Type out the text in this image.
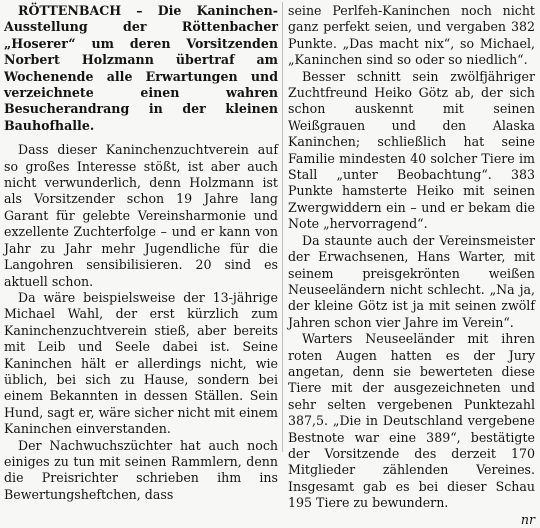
RÖTTENBACH – Die Kaninchen-Ausstellung der Röttenbacher „Hoserer“ um deren Vorsitzenden Norbert Holzmann übertraf am Wochenende alle Erwartungen und verzeichnete einen wahren Besucherandrang in der kleinen Bauhofhalle.

Dass dieser Kaninchenzuchtverein auf so großes Interesse stößt, ist aber auch nicht verwunderlich, denn Holzmann ist als Vorsitzender schon 19 Jahre lang Garant für gelebte Vereinsharmonie und exzellente Zuchterfolge – und er kann von Jahr zu Jahr mehr Jugendliche für die Langohren sensibilisieren. 20 sind es aktuell schon.

Da wäre beispielsweise der 13-jährige Michael Wahl, der erst kürzlich zum Kaninchenzuchtverein stieß, aber bereits mit Leib und Seele dabei ist. Seine Kaninchen hält er allerdings nicht, wie üblich, bei sich zu Hause, sondern bei einem Bekannten in dessen Ställen. Sein Hund, sagt er, wäre sicher nicht mit einem Kaninchen einverstanden.

Der Nachwuchszüchter hat auch noch einiges zu tun mit seinen Rammlern, denn die Preisrichter schrieben ihm ins Bewertungsheftchen, dass

seine Perlfeh-Kaninchen noch nicht ganz perfekt seien, und vergaben 382 Punkte. „Das macht nix“, so Michael, „Kaninchen sind so oder so niedlich“.

Besser schnitt sein zwölfjähriger Zuchtfreund Heiko Götz ab, der sich schon auskennt mit seinen Weißgrauen und den Alaska Kaninchen; schließlich hat seine Familie mindesten 40 solcher Tiere im Stall „unter Beobachtung“. 383 Punkte hamsterte Heiko mit seinen Zwergwiddern ein – und er bekam die Note „hervorragend“.

Da staunte auch der Vereinsmeister der Erwachsenen, Hans Warter, mit seinem preisgekrönten weißen Neuseeländern nicht schlecht. „Na ja, der kleine Götz ist ja mit seinen zwölf Jahren schon vier Jahre im Verein“.

Warters Neuseeländer mit ihren roten Augen hatten es der Jury angetan, denn sie bewerteten diese Tiere mit der ausgezeichneten und sehr selten vergebenen Punktezahl 387,5. „Die in Deutschland vergebene Bestnote war eine 389“, bestätigte der Vorsitzende des derzeit 170 Mitglieder zählenden Vereines. Insgesamt gab es bei dieser Schau 195 Tiere zu bewundern.

nr
